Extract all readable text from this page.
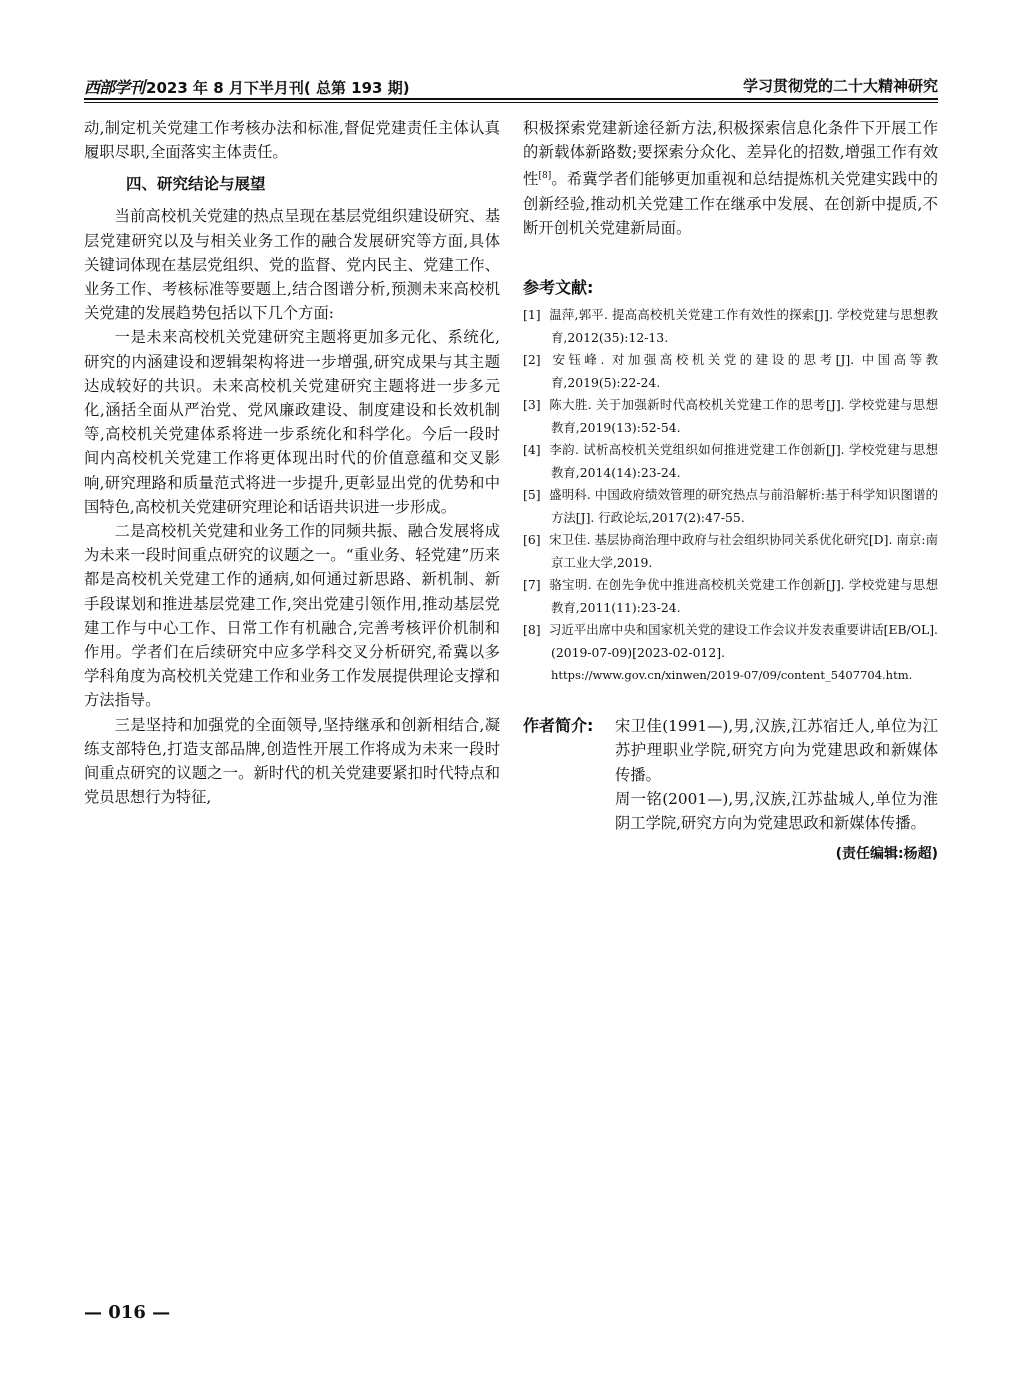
西部学刊 2023 年 8 月下半月刊( 总第 193 期)	学习贯彻党的二十大精神研究

动,制定机关党建工作考核办法和标准,督促党建责任主体认真履职尽职,全面落实主体责任。

四、研究结论与展望

当前高校机关党建的热点呈现在基层党组织建设研究、基层党建研究以及与相关业务工作的融合发展研究等方面,具体关键词体现在基层党组织、党的监督、党内民主、党建工作、业务工作、考核标准等要题上,结合图谱分析,预测未来高校机关党建的发展趋势包括以下几个方面:

一是未来高校机关党建研究主题将更加多元化、系统化,研究的内涵建设和逻辑架构将进一步增强,研究成果与其主题达成较好的共识。未来高校机关党建研究主题将进一步多元化,涵括全面从严治党、党风廉政建设、制度建设和长效机制等,高校机关党建体系将进一步系统化和科学化。今后一段时间内高校机关党建工作将更体现出时代的价值意蕴和交叉影响,研究理路和质量范式将进一步提升,更彰显出党的优势和中国特色,高校机关党建研究理论和话语共识进一步形成。

二是高校机关党建和业务工作的同频共振、融合发展将成为未来一段时间重点研究的议题之一。“重业务、轻党建”历来都是高校机关党建工作的通病,如何通过新思路、新机制、新手段谋划和推进基层党建工作,突出党建引领作用,推动基层党建工作与中心工作、日常工作有机融合,完善考核评价机制和作用。学者们在后续研究中应多学科交叉分析研究,希冀以多学科角度为高校机关党建工作和业务工作发展提供理论支撑和方法指导。

三是坚持和加强党的全面领导,坚持继承和创新相结合,凝练支部特色,打造支部品牌,创造性开展工作将成为未来一段时间重点研究的议题之一。新时代的机关党建要紧扣时代特点和党员思想行为特征,

积极探索党建新途径新方法,积极探索信息化条件下开展工作的新载体新路数;要探索分众化、差异化的招数,增强工作有效性[8]。希冀学者们能够更加重视和总结提炼机关党建实践中的创新经验,推动机关党建工作在继承中发展、在创新中提质,不断开创机关党建新局面。

参考文献:

[1] 温萍,郭平. 提高高校机关党建工作有效性的探索[J]. 学校党建与思想教育,2012(35):12-13.

[2] 安钰峰. 对加强高校机关党的建设的思考[J]. 中国高等教育,2019(5):22-24.

[3] 陈大胜. 关于加强新时代高校机关党建工作的思考[J]. 学校党建与思想教育,2019(13):52-54.

[4] 李韵. 试析高校机关党组织如何推进党建工作创新[J]. 学校党建与思想教育,2014(14):23-24.

[5] 盛明科. 中国政府绩效管理的研究热点与前沿解析:基于科学知识图谱的方法[J]. 行政论坛,2017(2):47-55.

[6] 宋卫佳. 基层协商治理中政府与社会组织协同关系优化研究[D]. 南京:南京工业大学,2019.

[7] 骆宝明. 在创先争优中推进高校机关党建工作创新[J]. 学校党建与思想教育,2011(11):23-24.

[8] 习近平出席中央和国家机关党的建设工作会议并发表重要讲话[EB/OL]. (2019-07-09)[2023-02-012].

https://www.gov.cn/xinwen/2019-07/09/content_5407704.htm.

作者简介: 宋卫佳(1991—),男,汉族,江苏宿迁人,单位为江苏护理职业学院,研究方向为党建思政和新媒体传播。

周一铭(2001—),男,汉族,江苏盐城人,单位为淮阴工学院,研究方向为党建思政和新媒体传播。

(责任编辑:杨超)
— 016 —
